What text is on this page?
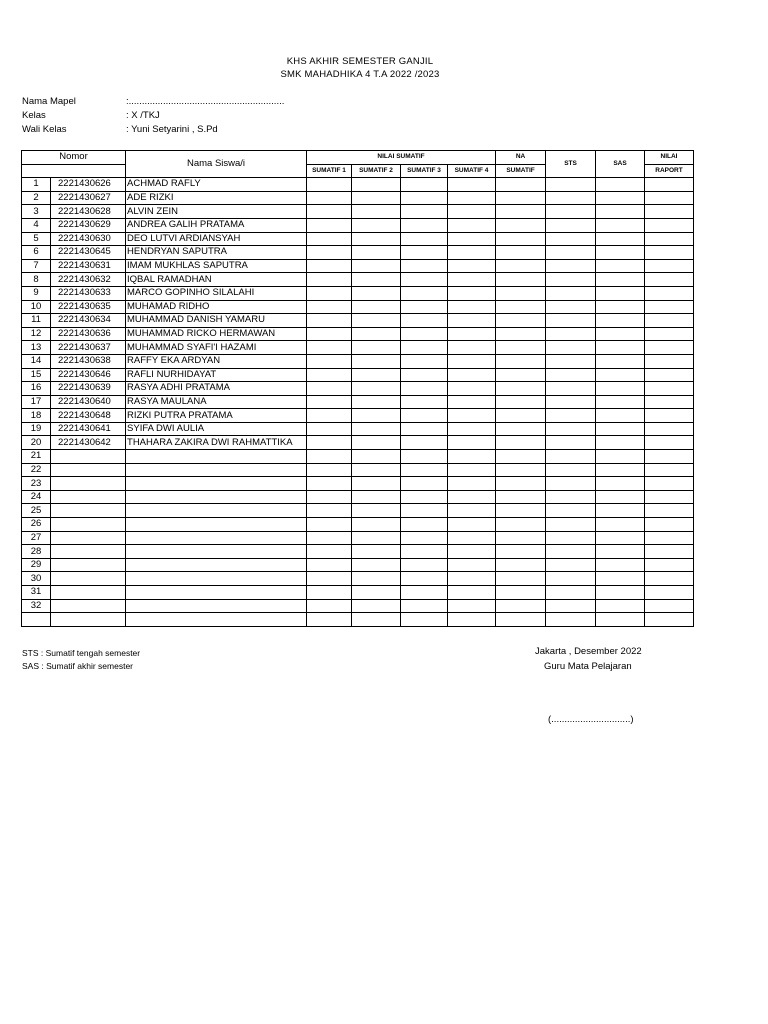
KHS AKHIR SEMESTER GANJIL
SMK MAHADHIKA 4 T.A 2022 /2023
Nama Mapel	:...........................................................
Kelas	: X /TKJ
Wali Kelas	: Yuni Setyarini , S.Pd
Nomor		Nama Siswa/i	NILAI SUMATIF				NA	STS	SAS	NILAI
			SUMATIF 1	SUMATIF 2	SUMATIF 3	SUMATIF 4	SUMATIF			RAPORT
1	2221430626	ACHMAD RAFLY								
2	2221430627	ADE RIZKI								
3	2221430628	ALVIN ZEIN								
4	2221430629	ANDREA GALIH PRATAMA								
5	2221430630	DEO LUTVI ARDIANSYAH								
6	2221430645	HENDRYAN SAPUTRA								
7	2221430631	IMAM MUKHLAS SAPUTRA								
8	2221430632	IQBAL RAMADHAN								
9	2221430633	MARCO GOPINHO SILALAHI								
10	2221430635	MUHAMAD RIDHO								
11	2221430634	MUHAMMAD DANISH YAMARU								
12	2221430636	MUHAMMAD RICKO HERMAWAN								
13	2221430637	MUHAMMAD SYAFI'I HAZAMI								
14	2221430638	RAFFY EKA ARDYAN								
15	2221430646	RAFLI NURHIDAYAT								
16	2221430639	RASYA ADHI PRATAMA								
17	2221430640	RASYA MAULANA								
18	2221430648	RIZKI PUTRA PRATAMA								
19	2221430641	SYIFA DWI AULIA								
20	2221430642	THAHARA ZAKIRA DWI RAHMATTIKA								
21										
22										
23										
24										
25										
26										
27										
28										
29										
30										
31										
32										

STS : Sumatif tengah semester
SAS : Sumatif akhir semester
Jakarta , Desember 2022
Guru Mata Pelajaran
(..............................)
